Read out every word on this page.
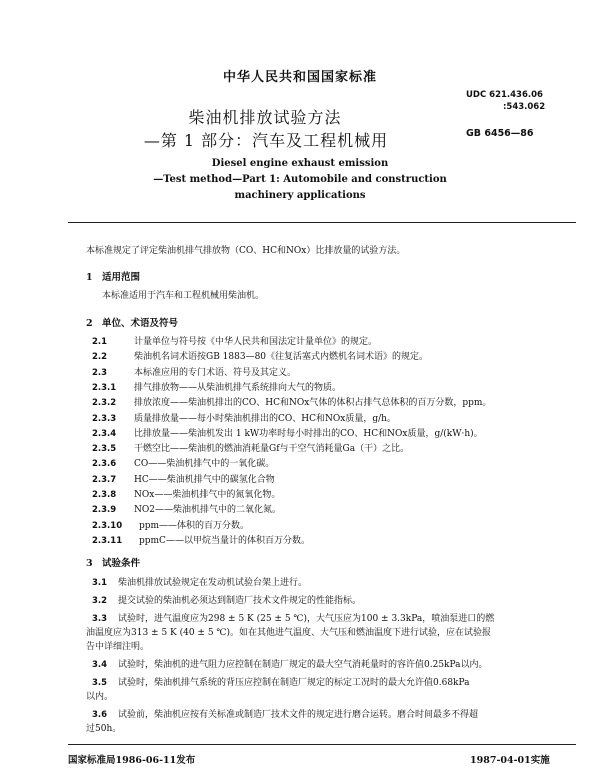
中华人民共和国国家标准
柴油机排放试验方法
—第 1 部分：汽车及工程机械用
UDC 621.436.06
:543.062
GB 6456—86
Diesel engine exhaust emission
—Test method—Part 1: Automobile and construction
machinery applications
本标准规定了评定柴油机排气排放物（CO、HC和NOx）比排放量的试验方法。
1 适用范围
本标准适用于汽车和工程机械用柴油机。
2 单位、术语及符号
2.1	计量单位与符号按《中华人民共和国法定计量单位》的规定。
2.2	柴油机名词术语按GB 1883—80《往复活塞式内燃机名词术语》的规定。
2.3	本标准应用的专门术语、符号及其定义。
2.3.1 排气排放物——从柴油机排气系统排向大气的物质。
2.3.2 排放浓度——柴油机排出的CO、HC和NOx气体的体积占排气总体积的百万分数，ppm。
2.3.3 质量排放量——每小时柴油机排出的CO、HC和NOx质量，g/h。
2.3.4 比排放量——柴油机发出 1 kW功率时每小时排出的CO、HC和NOx质量，g/(kW·h)。
2.3.5 干燃空比——柴油机的燃油消耗量Gf与干空气消耗量Ga（干）之比。
2.3.6 CO——柴油机排气中的一氧化碳。
2.3.7 HC——柴油机排气中的碳氢化合物
2.3.8 NOx——柴油机排气中的氮氧化物。
2.3.9 NO2——柴油机排气中的二氧化氮。
2.3.10 ppm——体积的百万分数。
2.3.11 ppmC——以甲烷当量计的体积百万分数。
3 试验条件
3.1 柴油机排放试验规定在发动机试验台架上进行。
3.2 提交试验的柴油机必须达到制造厂技术文件规定的性能指标。
3.3 试验时，进气温度应为298 ± 5 K (25 ± 5 ℃)，大气压应为100 ± 3.3kPa，喷油泵进口的燃
油温度应为313 ± 5 K (40 ± 5 ℃)。如在其他进气温度、大气压和燃油温度下进行试验，应在试验报
告中详细注明。
3.4 试验时，柴油机的进气阻力应控制在制造厂规定的最大空气消耗量时的容许值0.25kPa以内。
3.5 试验时，柴油机排气系统的背压应控制在制造厂规定的标定工况时的最大允许值0.68kPa
以内。
3.6 试验前，柴油机应按有关标准或制造厂技术文件的规定进行磨合运转。磨合时间最多不得超
过50h。
国家标准局1986-06-11发布	1987-04-01实施
